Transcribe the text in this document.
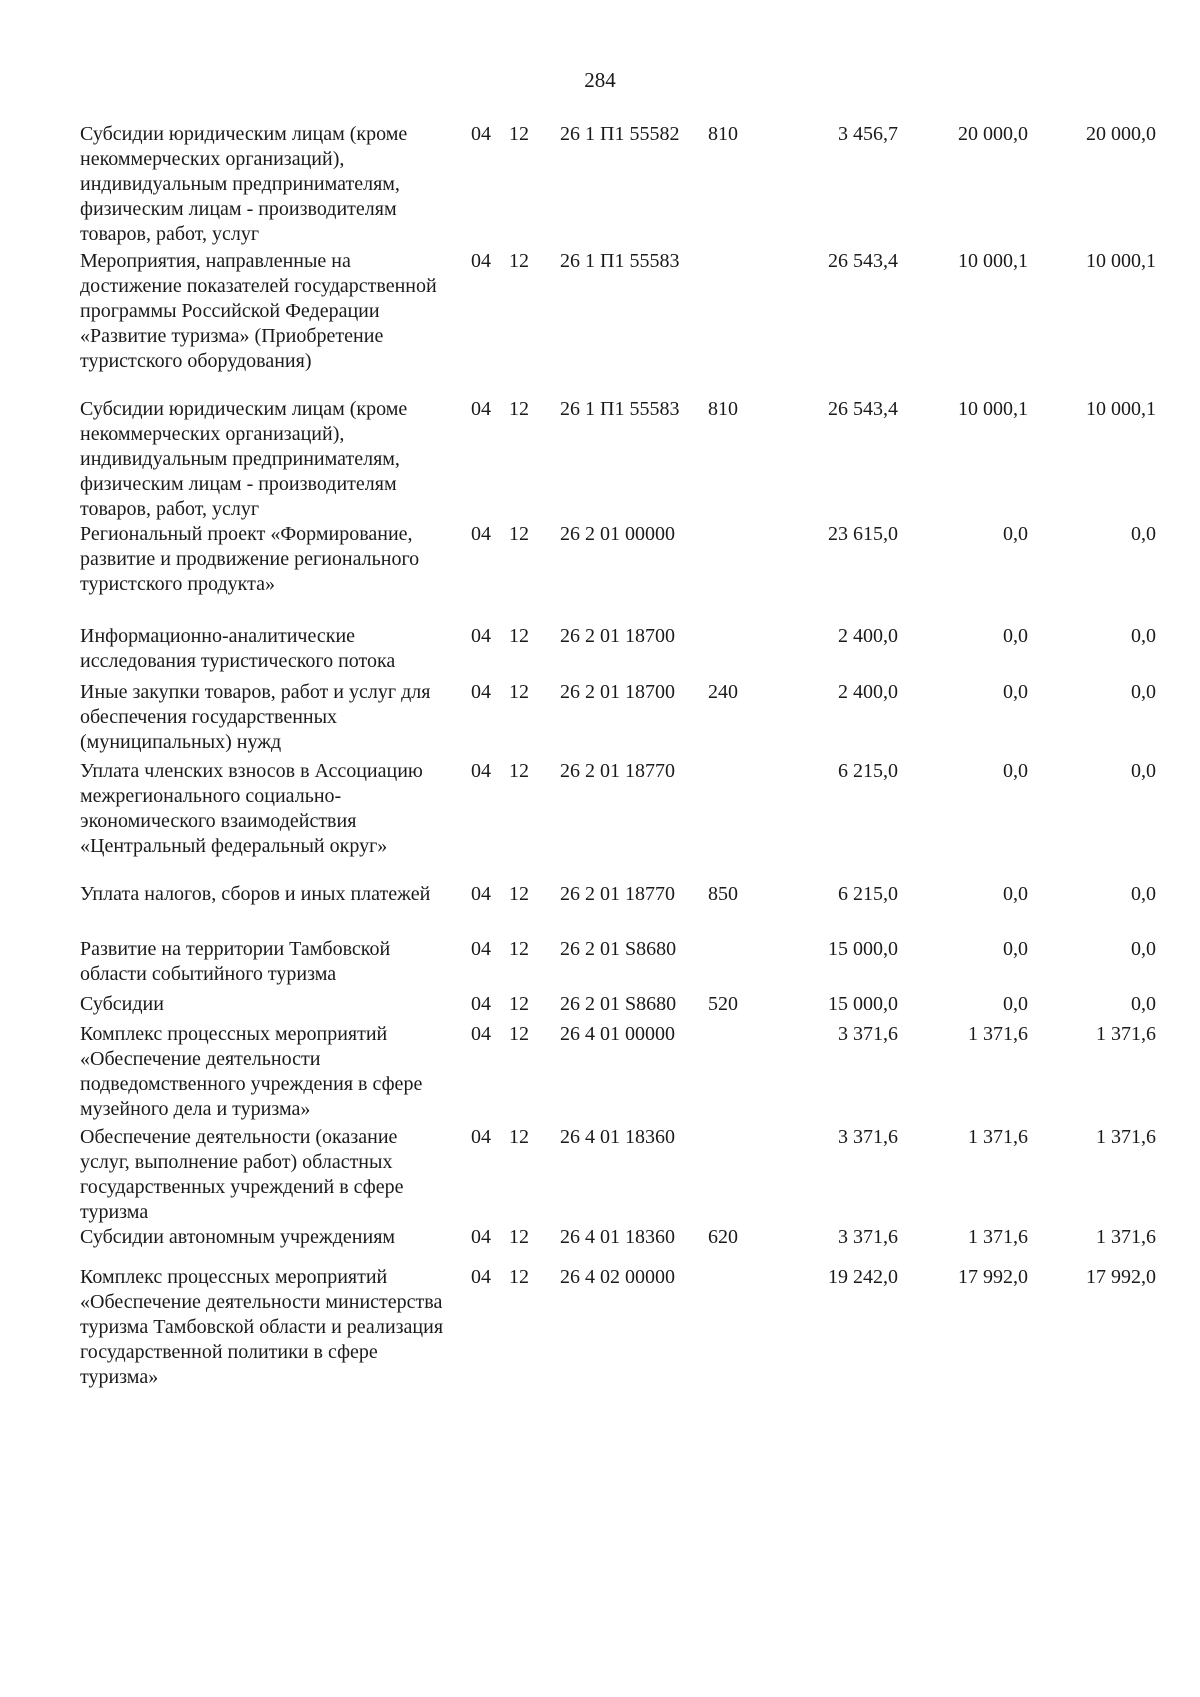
284
Субсидии юридическим лицам (кроме некоммерческих организаций), индивидуальным предпринимателям, физическим лицам - производителям товаров, работ, услуг
04 12	26 1 П1 55582	810	3 456,7	20 000,0	20 000,0
Мероприятия, направленные на достижение показателей государственной программы Российской Федерации «Развитие туризма» (Приобретение туристского оборудования)
04 12	26 1 П1 55583	26 543,4	10 000,1	10 000,1
Субсидии юридическим лицам (кроме некоммерческих организаций), индивидуальным предпринимателям, физическим лицам - производителям товаров, работ, услуг
04 12	26 1 П1 55583	810	26 543,4	10 000,1	10 000,1
Региональный проект «Формирование, развитие и продвижение регионального туристского продукта»
04 12	26 2 01 00000	23 615,0	0,0	0,0
Информационно-аналитические исследования туристического потока
04 12	26 2 01 18700	2 400,0	0,0	0,0
Иные закупки товаров, работ и услуг для обеспечения государственных (муниципальных) нужд
04 12	26 2 01 18700	240	2 400,0	0,0	0,0
Уплата членских взносов в Ассоциацию межрегионального социально-экономического взаимодействия «Центральный федеральный округ»
04 12	26 2 01 18770	6 215,0	0,0	0,0
Уплата налогов, сборов и иных платежей	04 12	26 2 01 18770	850	6 215,0	0,0	0,0
Развитие на территории Тамбовской области событийного туризма
04 12	26 2 01 S8680	15 000,0	0,0	0,0
Субсидии	04 12	26 2 01 S8680	520	15 000,0	0,0	0,0
Комплекс процессных мероприятий «Обеспечение деятельности подведомственного учреждения в сфере музейного дела и туризма»
04 12	26 4 01 00000	3 371,6	1 371,6	1 371,6
Обеспечение деятельности (оказание услуг, выполнение работ) областных государственных учреждений в сфере туризма
04 12	26 4 01 18360	3 371,6	1 371,6	1 371,6
Субсидии автономным учреждениям	04 12	26 4 01 18360	620	3 371,6	1 371,6	1 371,6
Комплекс процессных мероприятий «Обеспечение деятельности министерства туризма Тамбовской области и реализация государственной политики в сфере туризма»
04 12	26 4 02 00000	19 242,0	17 992,0	17 992,0
